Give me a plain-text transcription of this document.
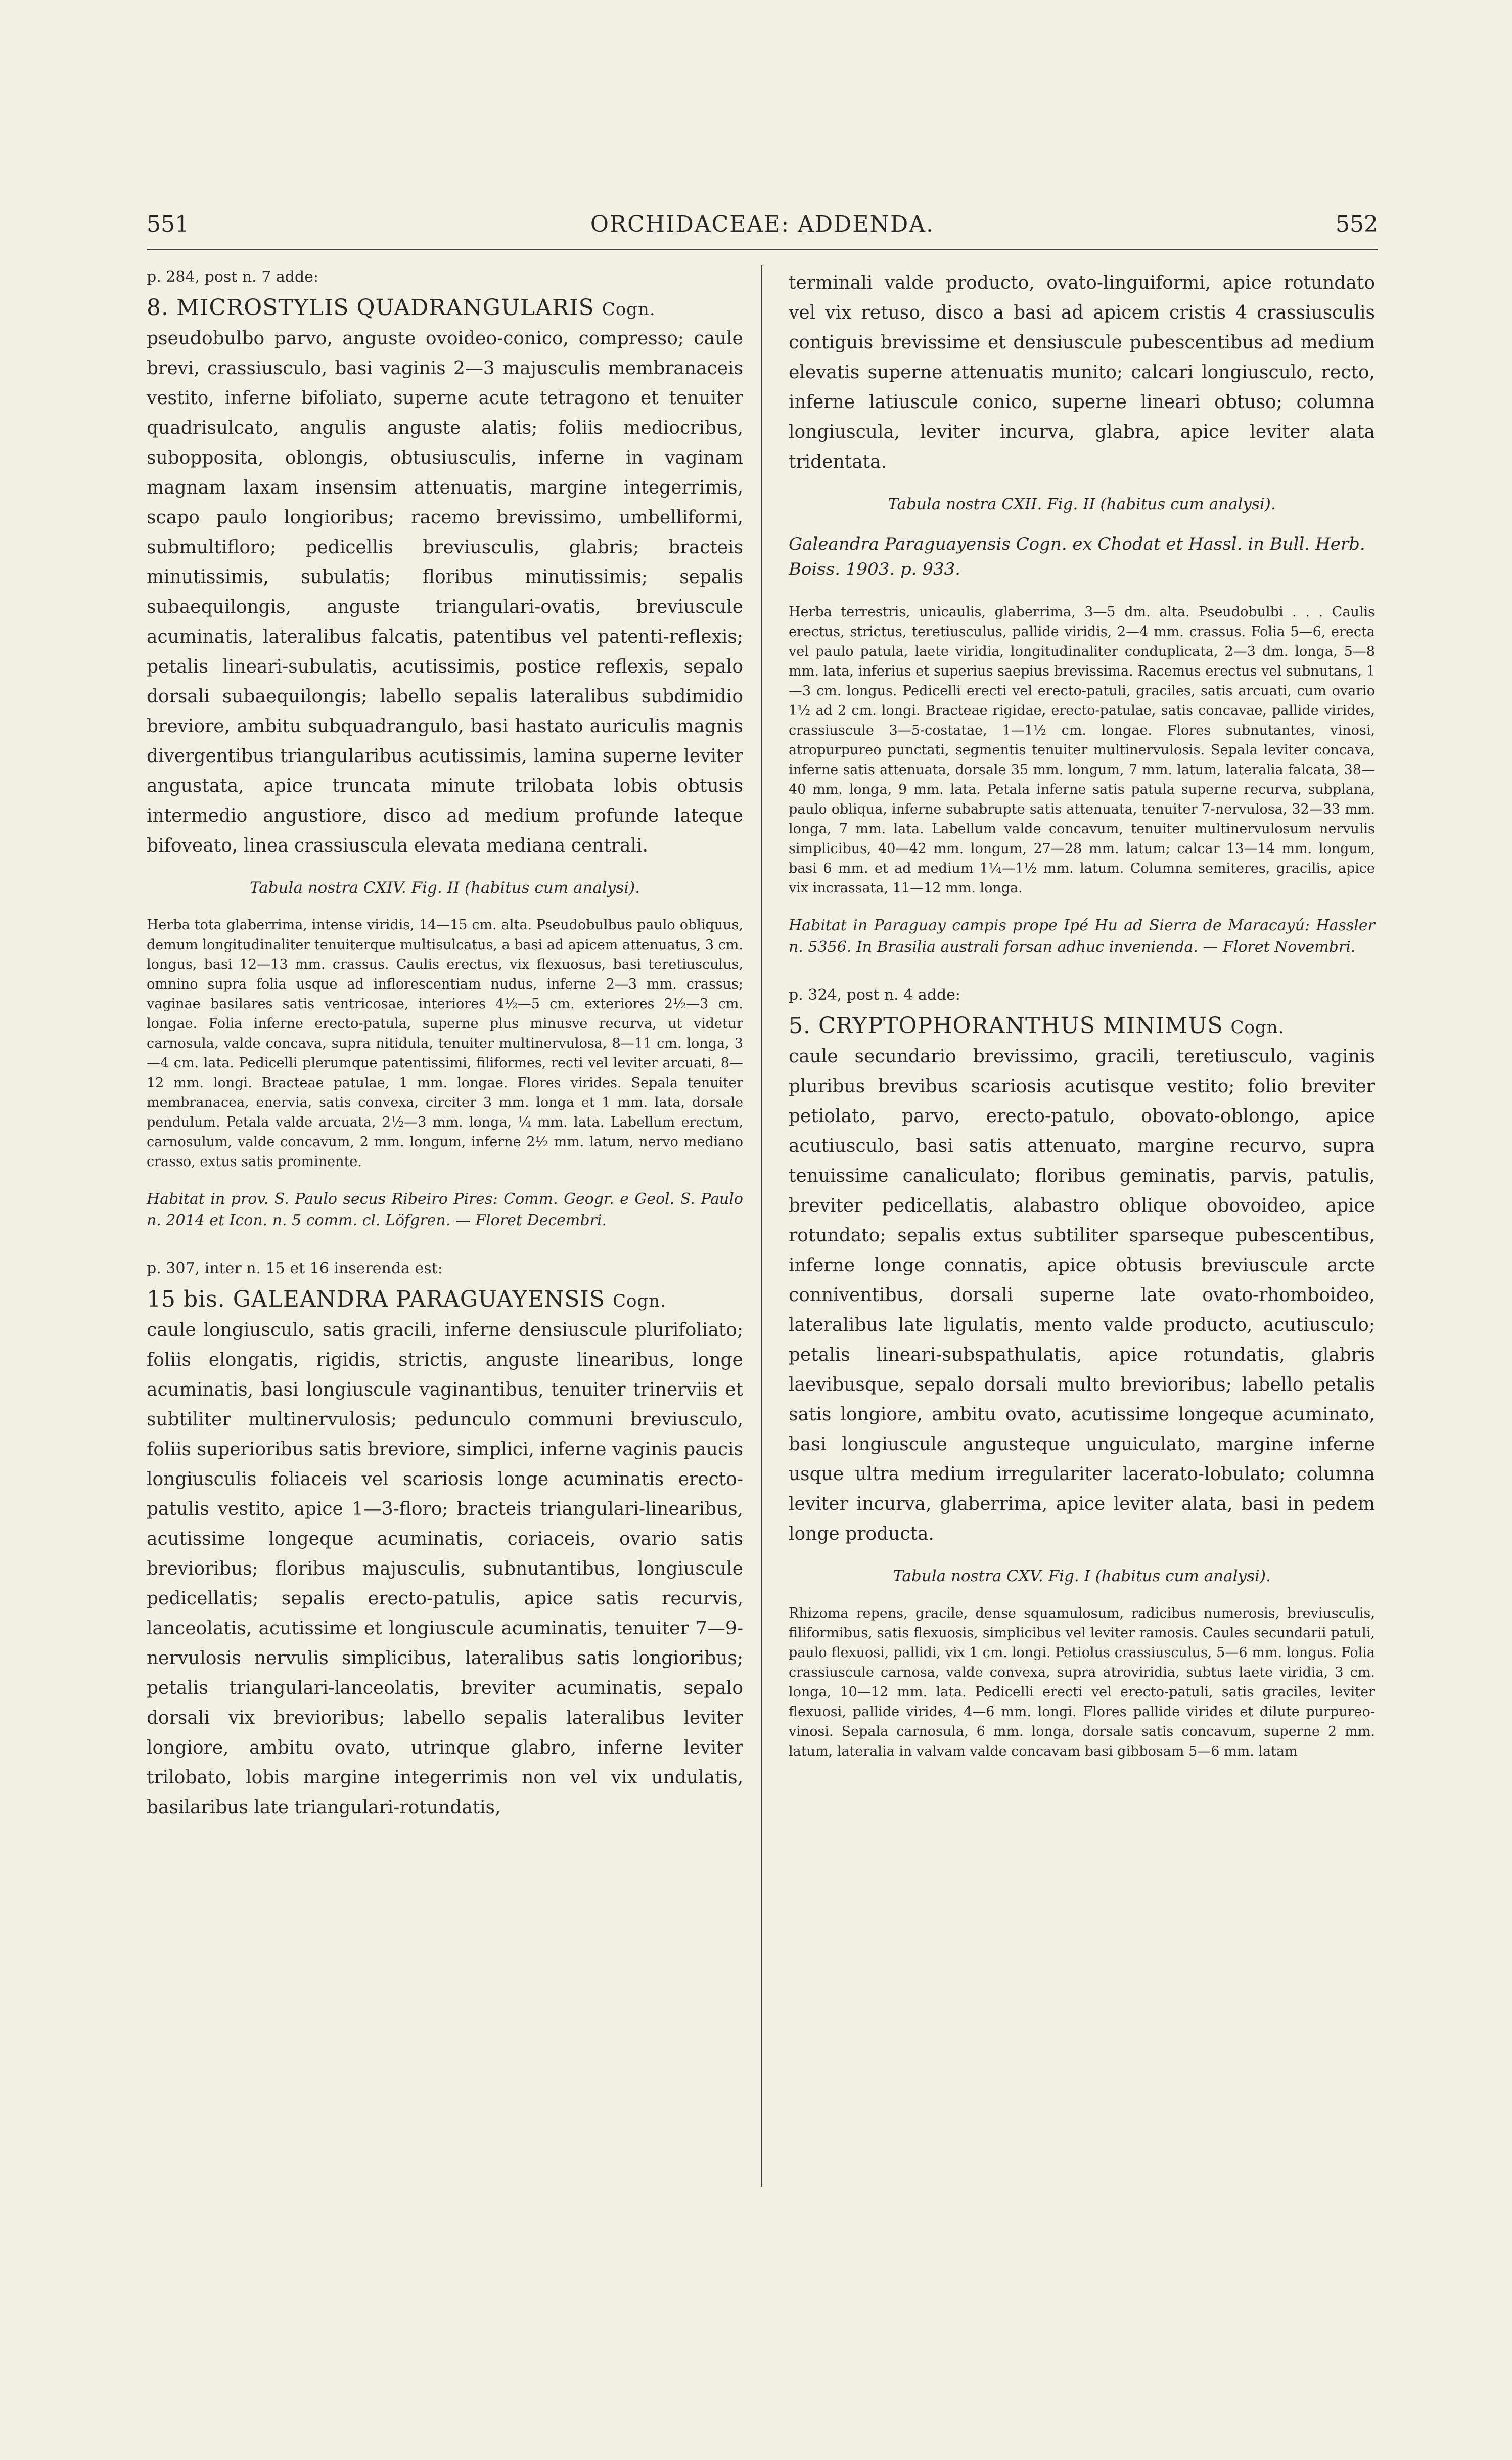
551	ORCHIDACEAE: ADDENDA.	552

p. 284, post n. 7 adde:

8. MICROSTYLIS QUADRANGULARIS Cogn.

pseudobulbo parvo, anguste ovoideo-conico, compresso; caule brevi, crassiusculo, basi vaginis 2—3 majusculis membranaceis vestito, inferne bifoliato, superne acute tetragono et tenuiter quadrisulcato, angulis anguste alatis; foliis mediocribus, subopposita, oblongis, obtusiusculis, inferne in vaginam magnam laxam insensim attenuatis, margine integerrimis, scapo paulo longioribus; racemo brevissimo, umbelliformi, submultifloro; pedicellis breviusculis, glabris; bracteis minutissimis, subulatis; floribus minutissimis; sepalis subaequilongis, anguste triangulari-ovatis, breviuscule acuminatis, lateralibus falcatis, patentibus vel patenti-reflexis; petalis lineari-subulatis, acutissimis, postice reflexis, sepalo dorsali subaequilongis; labello sepalis lateralibus subdimidio breviore, ambitu subquadrangulo, basi hastato auriculis magnis divergentibus triangularibus acutissimis, lamina superne leviter angustata, apice truncata minute trilobata lobis obtusis intermedio angustiore, disco ad medium profunde lateque bifoveato, linea crassiuscula elevata mediana centrali.

Tabula nostra CXIV. Fig. II (habitus cum analysi).

Herba tota glaberrima, intense viridis, 14—15 cm. alta. Pseudobulbus paulo obliquus, demum longitudinaliter tenuiterque multisulcatus, a basi ad apicem attenuatus, 3 cm. longus, basi 12—13 mm. crassus. Caulis erectus, vix flexuosus, basi teretiusculus, omnino supra folia usque ad inflorescentiam nudus, inferne 2—3 mm. crassus; vaginae basilares satis ventricosae, interiores 4½—5 cm. exteriores 2½—3 cm. longae. Folia inferne erecto-patula, superne plus minusve recurva, ut videtur carnosula, valde concava, supra nitidula, tenuiter multinervulosa, 8—11 cm. longa, 3—4 cm. lata. Pedicelli plerumque patentissimi, filiformes, recti vel leviter arcuati, 8—12 mm. longi. Bracteae patulae, 1 mm. longae. Flores virides. Sepala tenuiter membranacea, enervia, satis convexa, circiter 3 mm. longa et 1 mm. lata, dorsale pendulum. Petala valde arcuata, 2½—3 mm. longa, ¼ mm. lata. Labellum erectum, carnosulum, valde concavum, 2 mm. longum, inferne 2½ mm. latum, nervo mediano crasso, extus satis prominente.

Habitat in prov. S. Paulo secus Ribeiro Pires: Comm. Geogr. e Geol. S. Paulo n. 2014 et Icon. n. 5 comm. cl. Löfgren. — Floret Decembri.

p. 307, inter n. 15 et 16 inserenda est:

15 bis. GALEANDRA PARAGUAYENSIS Cogn.

caule longiusculo, satis gracili, inferne densiuscule plurifoliato; foliis elongatis, rigidis, strictis, anguste linearibus, longe acuminatis, basi longiuscule vaginantibus, tenuiter trinerviis et subtiliter multinervulosis; pedunculo communi breviusculo, foliis superioribus satis breviore, simplici, inferne vaginis paucis longiusculis foliaceis vel scariosis longe acuminatis erecto-patulis vestito, apice 1—3-floro; bracteis triangulari-linearibus, acutissime longeque acuminatis, coriaceis, ovario satis brevioribus; floribus majusculis, subnutantibus, longiuscule pedicellatis; sepalis erecto-patulis, apice satis recurvis, lanceolatis, acutissime et longiuscule acuminatis, tenuiter 7—9-nervulosis nervulis simplicibus, lateralibus satis longioribus; petalis triangulari-lanceolatis, breviter acuminatis, sepalo dorsali vix brevioribus; labello sepalis lateralibus leviter longiore, ambitu ovato, utrinque glabro, inferne leviter trilobato, lobis margine integerrimis non vel vix undulatis, basilaribus late triangulari-rotundatis,

terminali valde producto, ovato-linguiformi, apice rotundato vel vix retuso, disco a basi ad apicem cristis 4 crassiusculis contiguis brevissime et densiuscule pubescentibus ad medium elevatis superne attenuatis munito; calcari longiusculo, recto, inferne latiuscule conico, superne lineari obtuso; columna longiuscula, leviter incurva, glabra, apice leviter alata tridentata.

Tabula nostra CXII. Fig. II (habitus cum analysi).

Galeandra Paraguayensis Cogn. ex Chodat et Hassl. in Bull. Herb. Boiss. 1903. p. 933.

Herba terrestris, unicaulis, glaberrima, 3—5 dm. alta. Pseudobulbi . . . Caulis erectus, strictus, teretiusculus, pallide viridis, 2—4 mm. crassus. Folia 5—6, erecta vel paulo patula, laete viridia, longitudinaliter conduplicata, 2—3 dm. longa, 5—8 mm. lata, inferius et superius saepius brevissima. Racemus erectus vel subnutans, 1—3 cm. longus. Pedicelli erecti vel erecto-patuli, graciles, satis arcuati, cum ovario 1½ ad 2 cm. longi. Bracteae rigidae, erecto-patulae, satis concavae, pallide virides, crassiuscule 3—5-costatae, 1—1½ cm. longae. Flores subnutantes, vinosi, atropurpureo punctati, segmentis tenuiter multinervulosis. Sepala leviter concava, inferne satis attenuata, dorsale 35 mm. longum, 7 mm. latum, lateralia falcata, 38—40 mm. longa, 9 mm. lata. Petala inferne satis patula superne recurva, subplana, paulo obliqua, inferne subabrupte satis attenuata, tenuiter 7-nervulosa, 32—33 mm. longa, 7 mm. lata. Labellum valde concavum, tenuiter multinervulosum nervulis simplicibus, 40—42 mm. longum, 27—28 mm. latum; calcar 13—14 mm. longum, basi 6 mm. et ad medium 1¼—1½ mm. latum. Columna semiteres, gracilis, apice vix incrassata, 11—12 mm. longa.

Habitat in Paraguay campis prope Ipé Hu ad Sierra de Maracayú: Hassler n. 5356. In Brasilia australi forsan adhuc invenienda. — Floret Novembri.

p. 324, post n. 4 adde:

5. CRYPTOPHORANTHUS MINIMUS Cogn.

caule secundario brevissimo, gracili, teretiusculo, vaginis pluribus brevibus scariosis acutisque vestito; folio breviter petiolato, parvo, erecto-patulo, obovato-oblongo, apice acutiusculo, basi satis attenuato, margine recurvo, supra tenuissime canaliculato; floribus geminatis, parvis, patulis, breviter pedicellatis, alabastro oblique obovoideo, apice rotundato; sepalis extus subtiliter sparseque pubescentibus, inferne longe connatis, apice obtusis breviuscule arcte conniventibus, dorsali superne late ovato-rhomboideo, lateralibus late ligulatis, mento valde producto, acutiusculo; petalis lineari-subspathulatis, apice rotundatis, glabris laevibusque, sepalo dorsali multo brevioribus; labello petalis satis longiore, ambitu ovato, acutissime longeque acuminato, basi longiuscule angusteque unguiculato, margine inferne usque ultra medium irregulariter lacerato-lobulato; columna leviter incurva, glaberrima, apice leviter alata, basi in pedem longe producta.

Tabula nostra CXV. Fig. I (habitus cum analysi).

Rhizoma repens, gracile, dense squamulosum, radicibus numerosis, breviusculis, filiformibus, satis flexuosis, simplicibus vel leviter ramosis. Caules secundarii patuli, paulo flexuosi, pallidi, vix 1 cm. longi. Petiolus crassiusculus, 5—6 mm. longus. Folia crassiuscule carnosa, valde convexa, supra atroviridia, subtus laete viridia, 3 cm. longa, 10—12 mm. lata. Pedicelli erecti vel erecto-patuli, satis graciles, leviter flexuosi, pallide virides, 4—6 mm. longi. Flores pallide virides et dilute purpureo-vinosi. Sepala carnosula, 6 mm. longa, dorsale satis concavum, superne 2 mm. latum, lateralia in valvam valde concavam basi gibbosam 5—6 mm. latam
